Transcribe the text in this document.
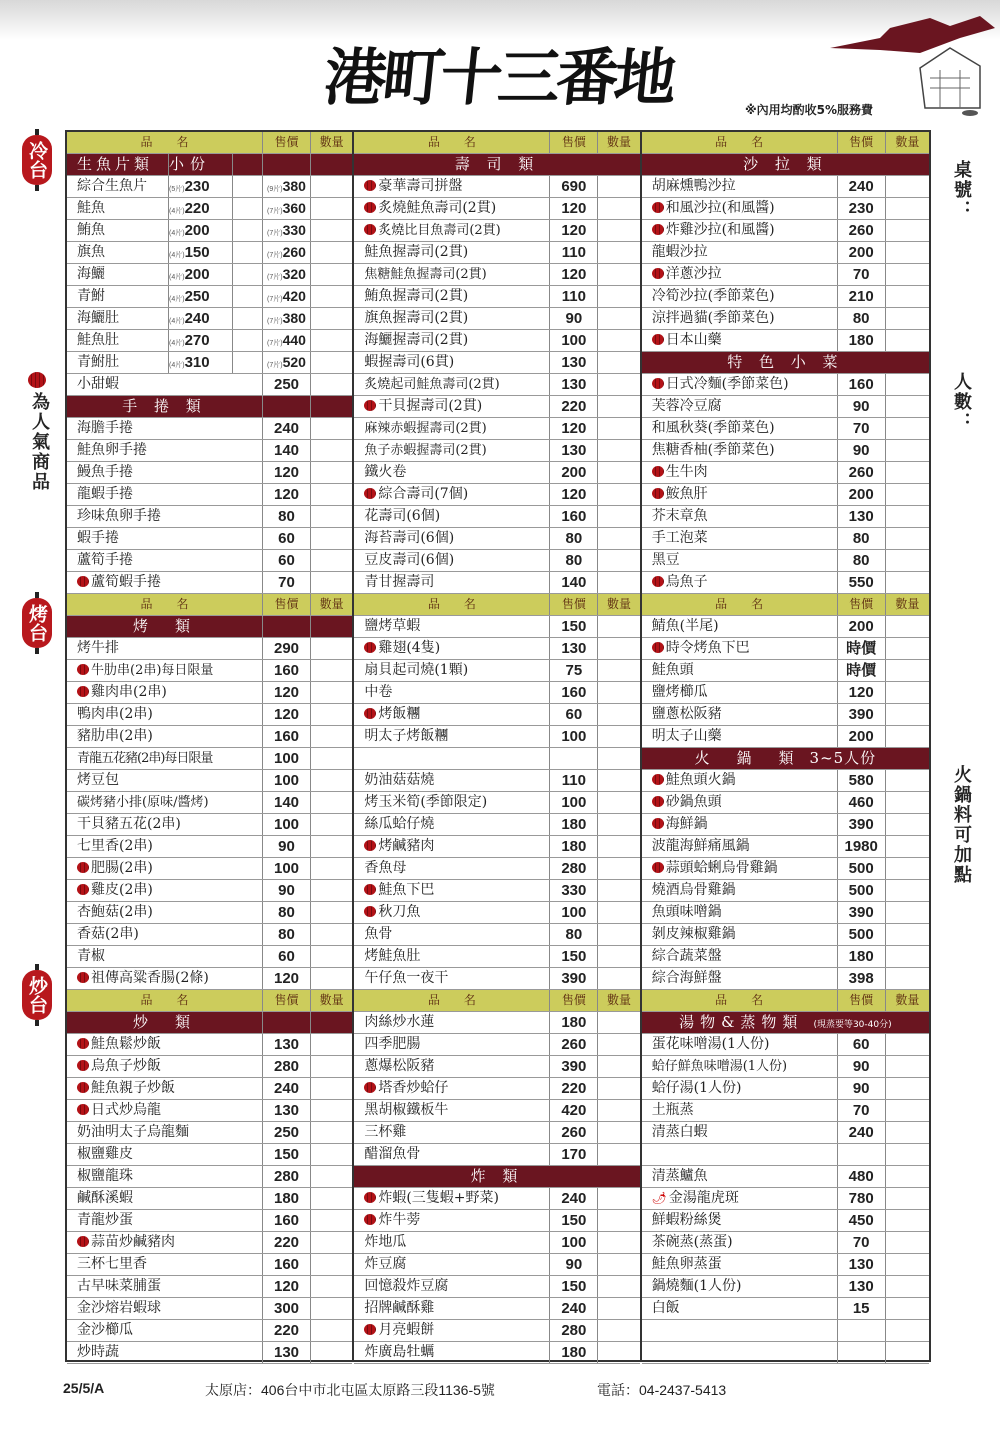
港町十三番地	※內用均酌收5%服務費
冷台
為人氣商品
烤台
炒台
桌號：
人數：
火鍋料可加點
品　　名	售價	數量
生魚片類	小份
綜合生魚片	(5片)230	(9片)380
鮭魚	(4片)220	(7片)360
鮪魚	(4片)200	(7片)330
旗魚	(4片)150	(7片)260
海鱺	(4片)200	(7片)320
青鮒	(4片)250	(7片)420
海鱺肚	(4片)240	(7片)380
鮭魚肚	(4片)270	(7片)440
青鮒肚	(4片)310	(7片)520
小甜蝦	250
手 捲 類
海膽手捲	240
鮭魚卵手捲	140
鰻魚手捲	120
龍蝦手捲	120
珍味魚卵手捲	80
蝦手捲	60
蘆筍手捲	60
蘆筍蝦手捲	70
品　　名	售價	數量
烤　類
烤牛排	290
牛肋串(2串)每日限量	160
雞肉串(2串)	120
鴨肉串(2串)	120
豬肋串(2串)	160
青龍五花豬(2串)每日限量	100
烤豆包	100
碳烤豬小排(原味/醬烤)	140
干貝豬五花(2串)	100
七里香(2串)	90
肥腸(2串)	100
雞皮(2串)	90
杏鮑菇(2串)	80
香菇(2串)	80
青椒	60
祖傳高粱香腸(2條)	120
品　　名	售價	數量
炒　類
鮭魚鬆炒飯	130
烏魚子炒飯	280
鮭魚親子炒飯	240
日式炒烏龍	130
奶油明太子烏龍麵	250
椒鹽雞皮	150
椒鹽龍珠	280
鹹酥溪蝦	180
青龍炒蛋	160
蒜苗炒鹹豬肉	220
三杯七里香	160
古早味菜脯蛋	120
金沙熔岩蝦球	300
金沙櫛瓜	220
炒時蔬	130
品　　名	售價	數量
壽 司 類
豪華壽司拼盤	690
炙燒鮭魚壽司(2貫)	120
炙燒比目魚壽司(2貫)	120
鮭魚握壽司(2貫)	110
焦糖鮭魚握壽司(2貫)	120
鮪魚握壽司(2貫)	110
旗魚握壽司(2貫)	90
海鱺握壽司(2貫)	100
蝦握壽司(6貫)	130
炙燒起司鮭魚壽司(2貫)	130
干貝握壽司(2貫)	220
麻辣赤蝦握壽司(2貫)	120
魚子赤蝦握壽司(2貫)	130
鐵火卷	200
綜合壽司(7個)	120
花壽司(6個)	160
海苔壽司(6個)	80
豆皮壽司(6個)	80
青甘握壽司	140
品　　名	售價	數量
鹽烤草蝦	150
雞翅(4隻)	130
扇貝起司燒(1顆)	75
中卷	160
烤飯糰	60
明太子烤飯糰	100
奶油菇菇燒	110
烤玉米筍(季節限定)	100
絲瓜蛤仔燒	180
烤鹹豬肉	180
香魚母	280
鮭魚下巴	330
秋刀魚	100
魚骨	80
烤鮭魚肚	150
午仔魚一夜干	390
品　　名	售價	數量
肉絲炒水蓮	180
四季肥腸	260
蔥爆松阪豬	390
塔香炒蛤仔	220
黑胡椒鐵板牛	420
三杯雞	260
醋溜魚骨	170
炸 類
炸蝦(三隻蝦+野菜)	240
炸牛蒡	150
炸地瓜	100
炸豆腐	90
回憶殺炸豆腐	150
招牌鹹酥雞	240
月亮蝦餅	280
炸廣島牡蠣	180
品　　名	售價	數量
沙 拉 類
胡麻燻鴨沙拉	240
和風沙拉(和風醬)	230
炸雞沙拉(和風醬)	260
龍蝦沙拉	200
洋蔥沙拉	70
冷筍沙拉(季節菜色)	210
涼拌過貓(季節菜色)	80
日本山藥	180
特 色 小 菜
日式冷麵(季節菜色)	160
芙蓉冷豆腐	90
和風秋葵(季節菜色)	70
焦糖香柚(季節菜色)	90
生牛肉	260
鮟魚肝	200
芥末章魚	130
手工泡菜	80
黑豆	80
烏魚子	550
品　　名	售價	數量
鯖魚(半尾)	200
時令烤魚下巴	時價
鮭魚頭	時價
鹽烤櫛瓜	120
鹽蔥松阪豬	390
明太子山藥	200
火　鍋　類 3~5人份
鮭魚頭火鍋	580
砂鍋魚頭	460
海鮮鍋	390
波龍海鮮痛風鍋	1980
蒜頭蛤蜊烏骨雞鍋	500
燒酒烏骨雞鍋	500
魚頭味噌鍋	390
剝皮辣椒雞鍋	500
綜合蔬菜盤	180
綜合海鮮盤	398
品　　名	售價	數量
湯物&蒸物類 (現蒸要等30-40分)
蛋花味噌湯(1人份)	60
蛤仔鮮魚味噌湯(1人份)	90
蛤仔湯(1人份)	90
土瓶蒸	70
清蒸白蝦	240
清蒸鱸魚	480
🌶 金湯龍虎斑	780
鮮蝦粉絲煲	450
茶碗蒸(蒸蛋)	70
鮭魚卵蒸蛋	130
鍋燒麵(1人份)	130
白飯	15
25/5/A	太原店：406台中市北屯區太原路三段1136-5號	電話：04-2437-5413
